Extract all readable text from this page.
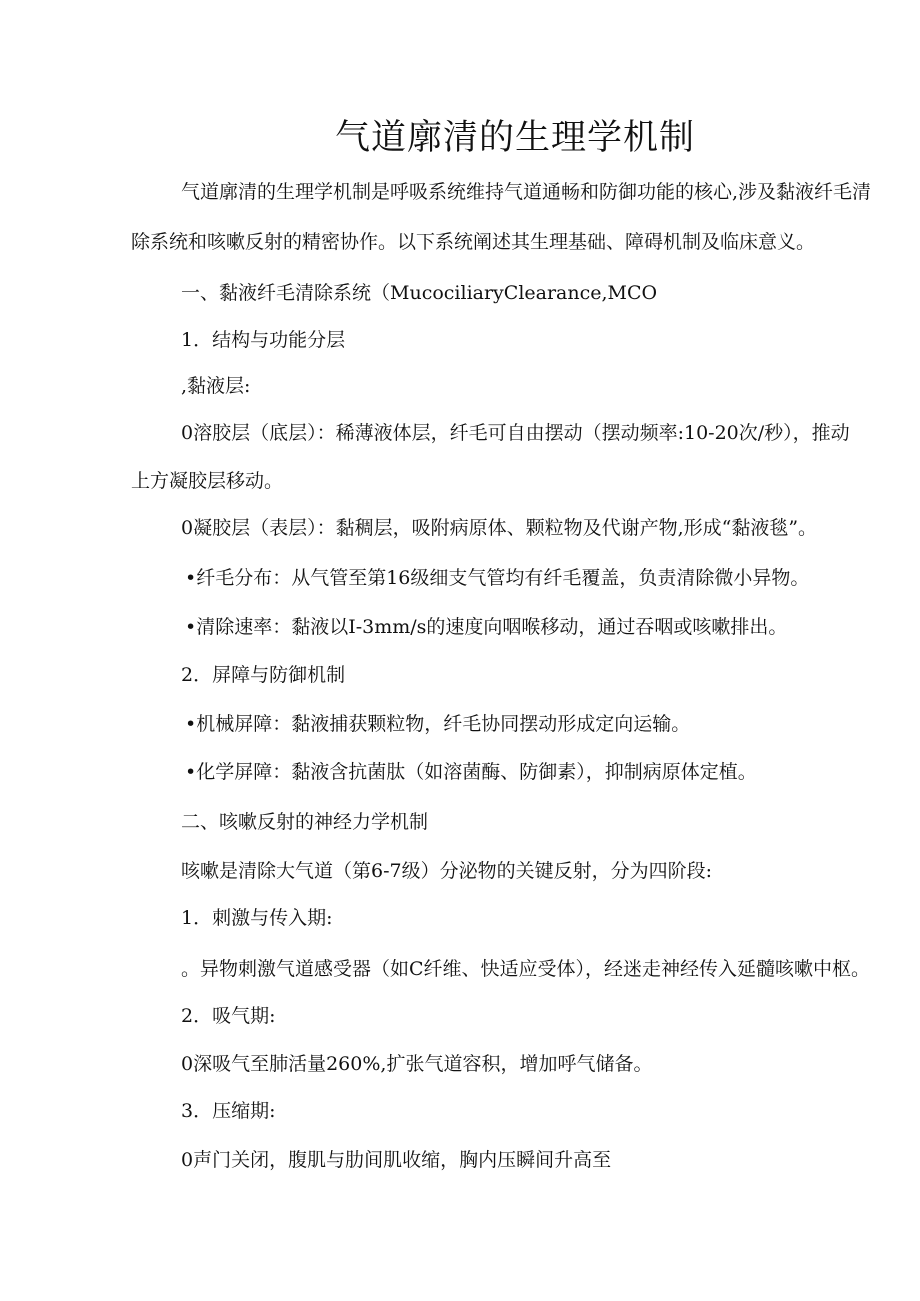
气道廓清的生理学机制
气道廓清的生理学机制是呼吸系统维持气道通畅和防御功能的核心,涉及黏液纤毛清
除系统和咳嗽反射的精密协作。以下系统阐述其生理基础、障碍机制及临床意义。
一、黏液纤毛清除系统（MucociliaryClearance,MCO
1．结构与功能分层
,黏液层:
0溶胶层（底层）：稀薄液体层，纤毛可自由摆动（摆动频率:10-20次/秒），推动
上方凝胶层移动。
0凝胶层（表层）：黏稠层，吸附病原体、颗粒物及代谢产物,形成“黏液毯”。
•纤毛分布：从气管至第16级细支气管均有纤毛覆盖，负责清除微小异物。
•清除速率：黏液以I-3mm/s的速度向咽喉移动，通过吞咽或咳嗽排出。
2．屏障与防御机制
•机械屏障：黏液捕获颗粒物，纤毛协同摆动形成定向运输。
•化学屏障：黏液含抗菌肽（如溶菌酶、防御素），抑制病原体定植。
二、咳嗽反射的神经力学机制
咳嗽是清除大气道（第6-7级）分泌物的关键反射，分为四阶段:
1．刺激与传入期:
。异物刺激气道感受器（如C纤维、快适应受体），经迷走神经传入延髓咳嗽中枢。
2．吸气期:
0深吸气至肺活量260%,扩张气道容积，增加呼气储备。
3．压缩期:
0声门关闭，腹肌与肋间肌收缩，胸内压瞬间升高至
